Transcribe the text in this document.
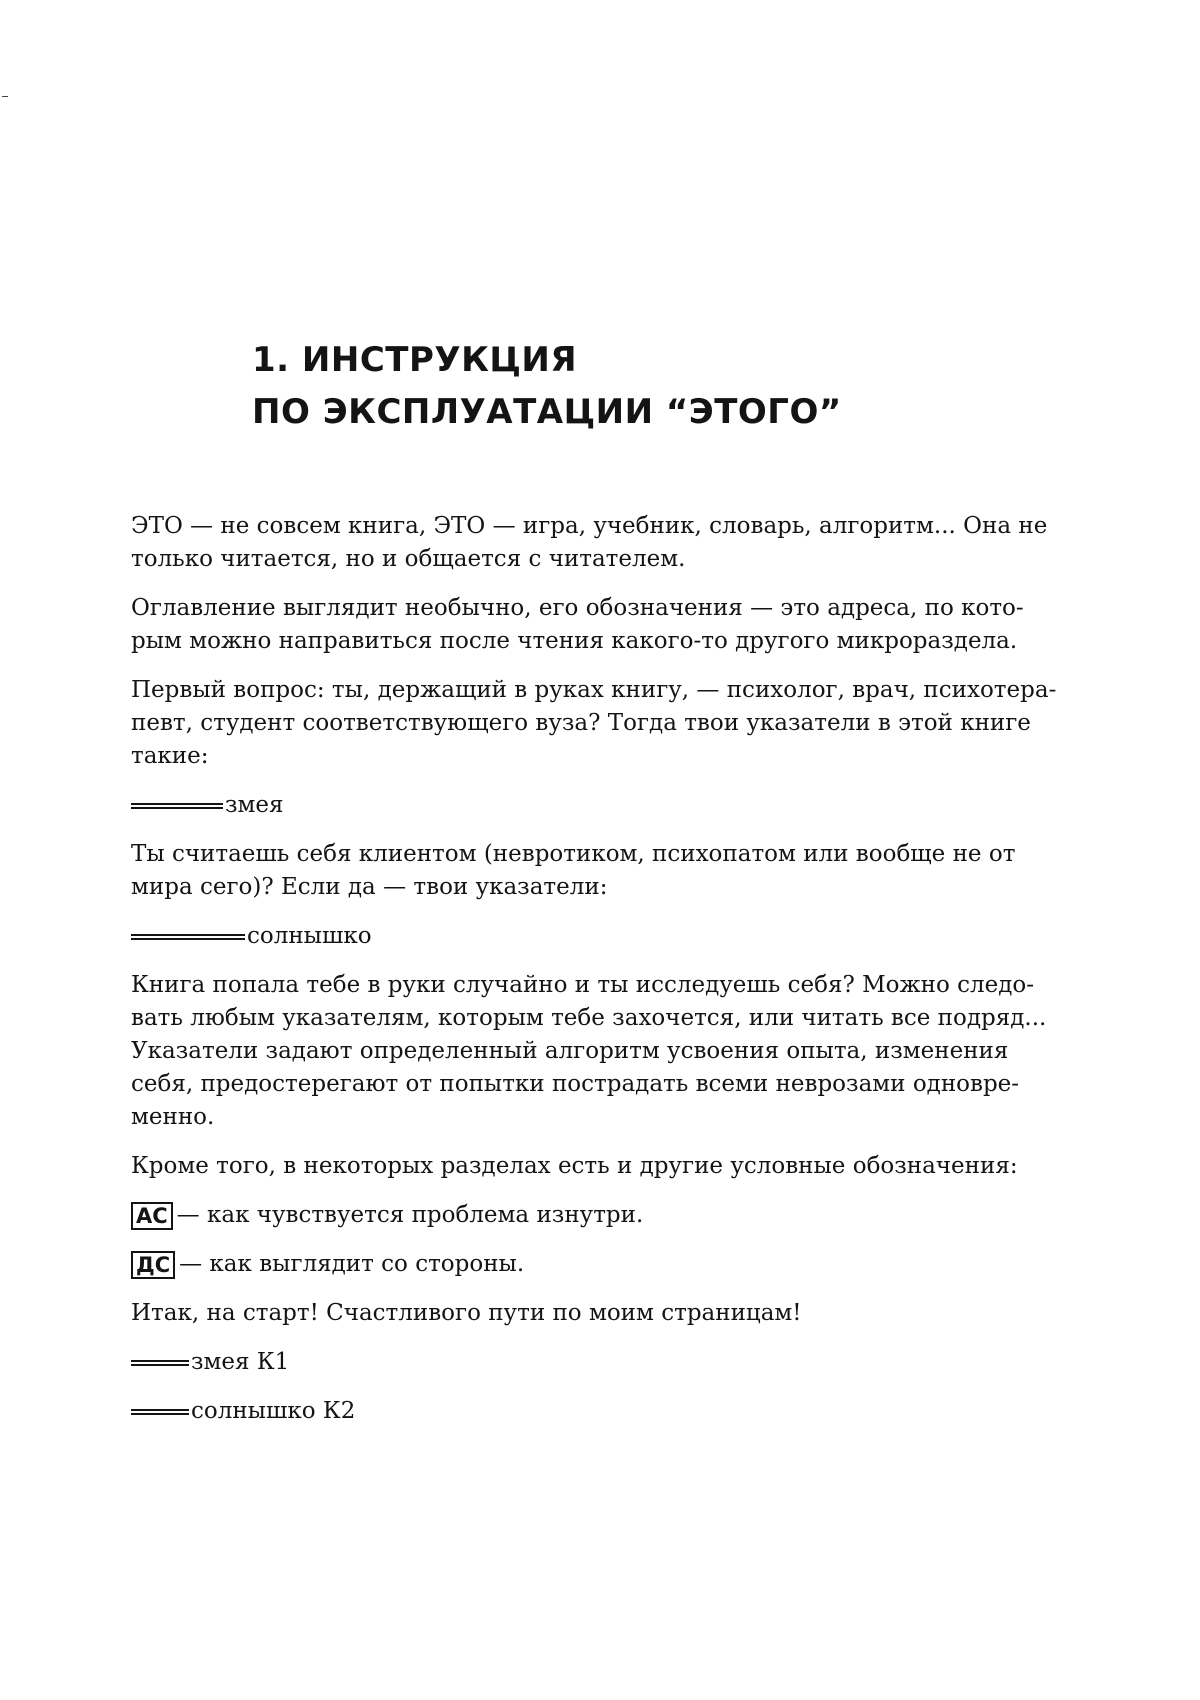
1. ИНСТРУКЦИЯ
ПО ЭКСПЛУАТАЦИИ “ЭТОГО”

ЭТО — не совсем книга, ЭТО — игра, учебник, словарь, алгоритм... Она не
только читается, но и общается с читателем.

Оглавление выглядит необычно, его обозначения — это адреса, по кото-
рым можно направиться после чтения какого-то другого микрораздела.

Первый вопрос: ты, держащий в руках книгу, — психолог, врач, психотера-
певт, студент соответствующего вуза? Тогда твои указатели в этой книге
такие:

змея

Ты считаешь себя клиентом (невротиком, психопатом или вообще не от
мира сего)? Если да — твои указатели:

солнышко

Книга попала тебе в руки случайно и ты исследуешь себя? Можно следо-
вать любым указателям, которым тебе захочется, или читать все подряд...
Указатели задают определенный алгоритм усвоения опыта, изменения
себя, предостерегают от попытки пострадать всеми неврозами одновре-
менно.

Кроме того, в некоторых разделах есть и другие условные обозначения:

АС — как чувствуется проблема изнутри.

ДС — как выглядит со стороны.

Итак, на старт! Счастливого пути по моим страницам!

змея К1

солнышко К2
